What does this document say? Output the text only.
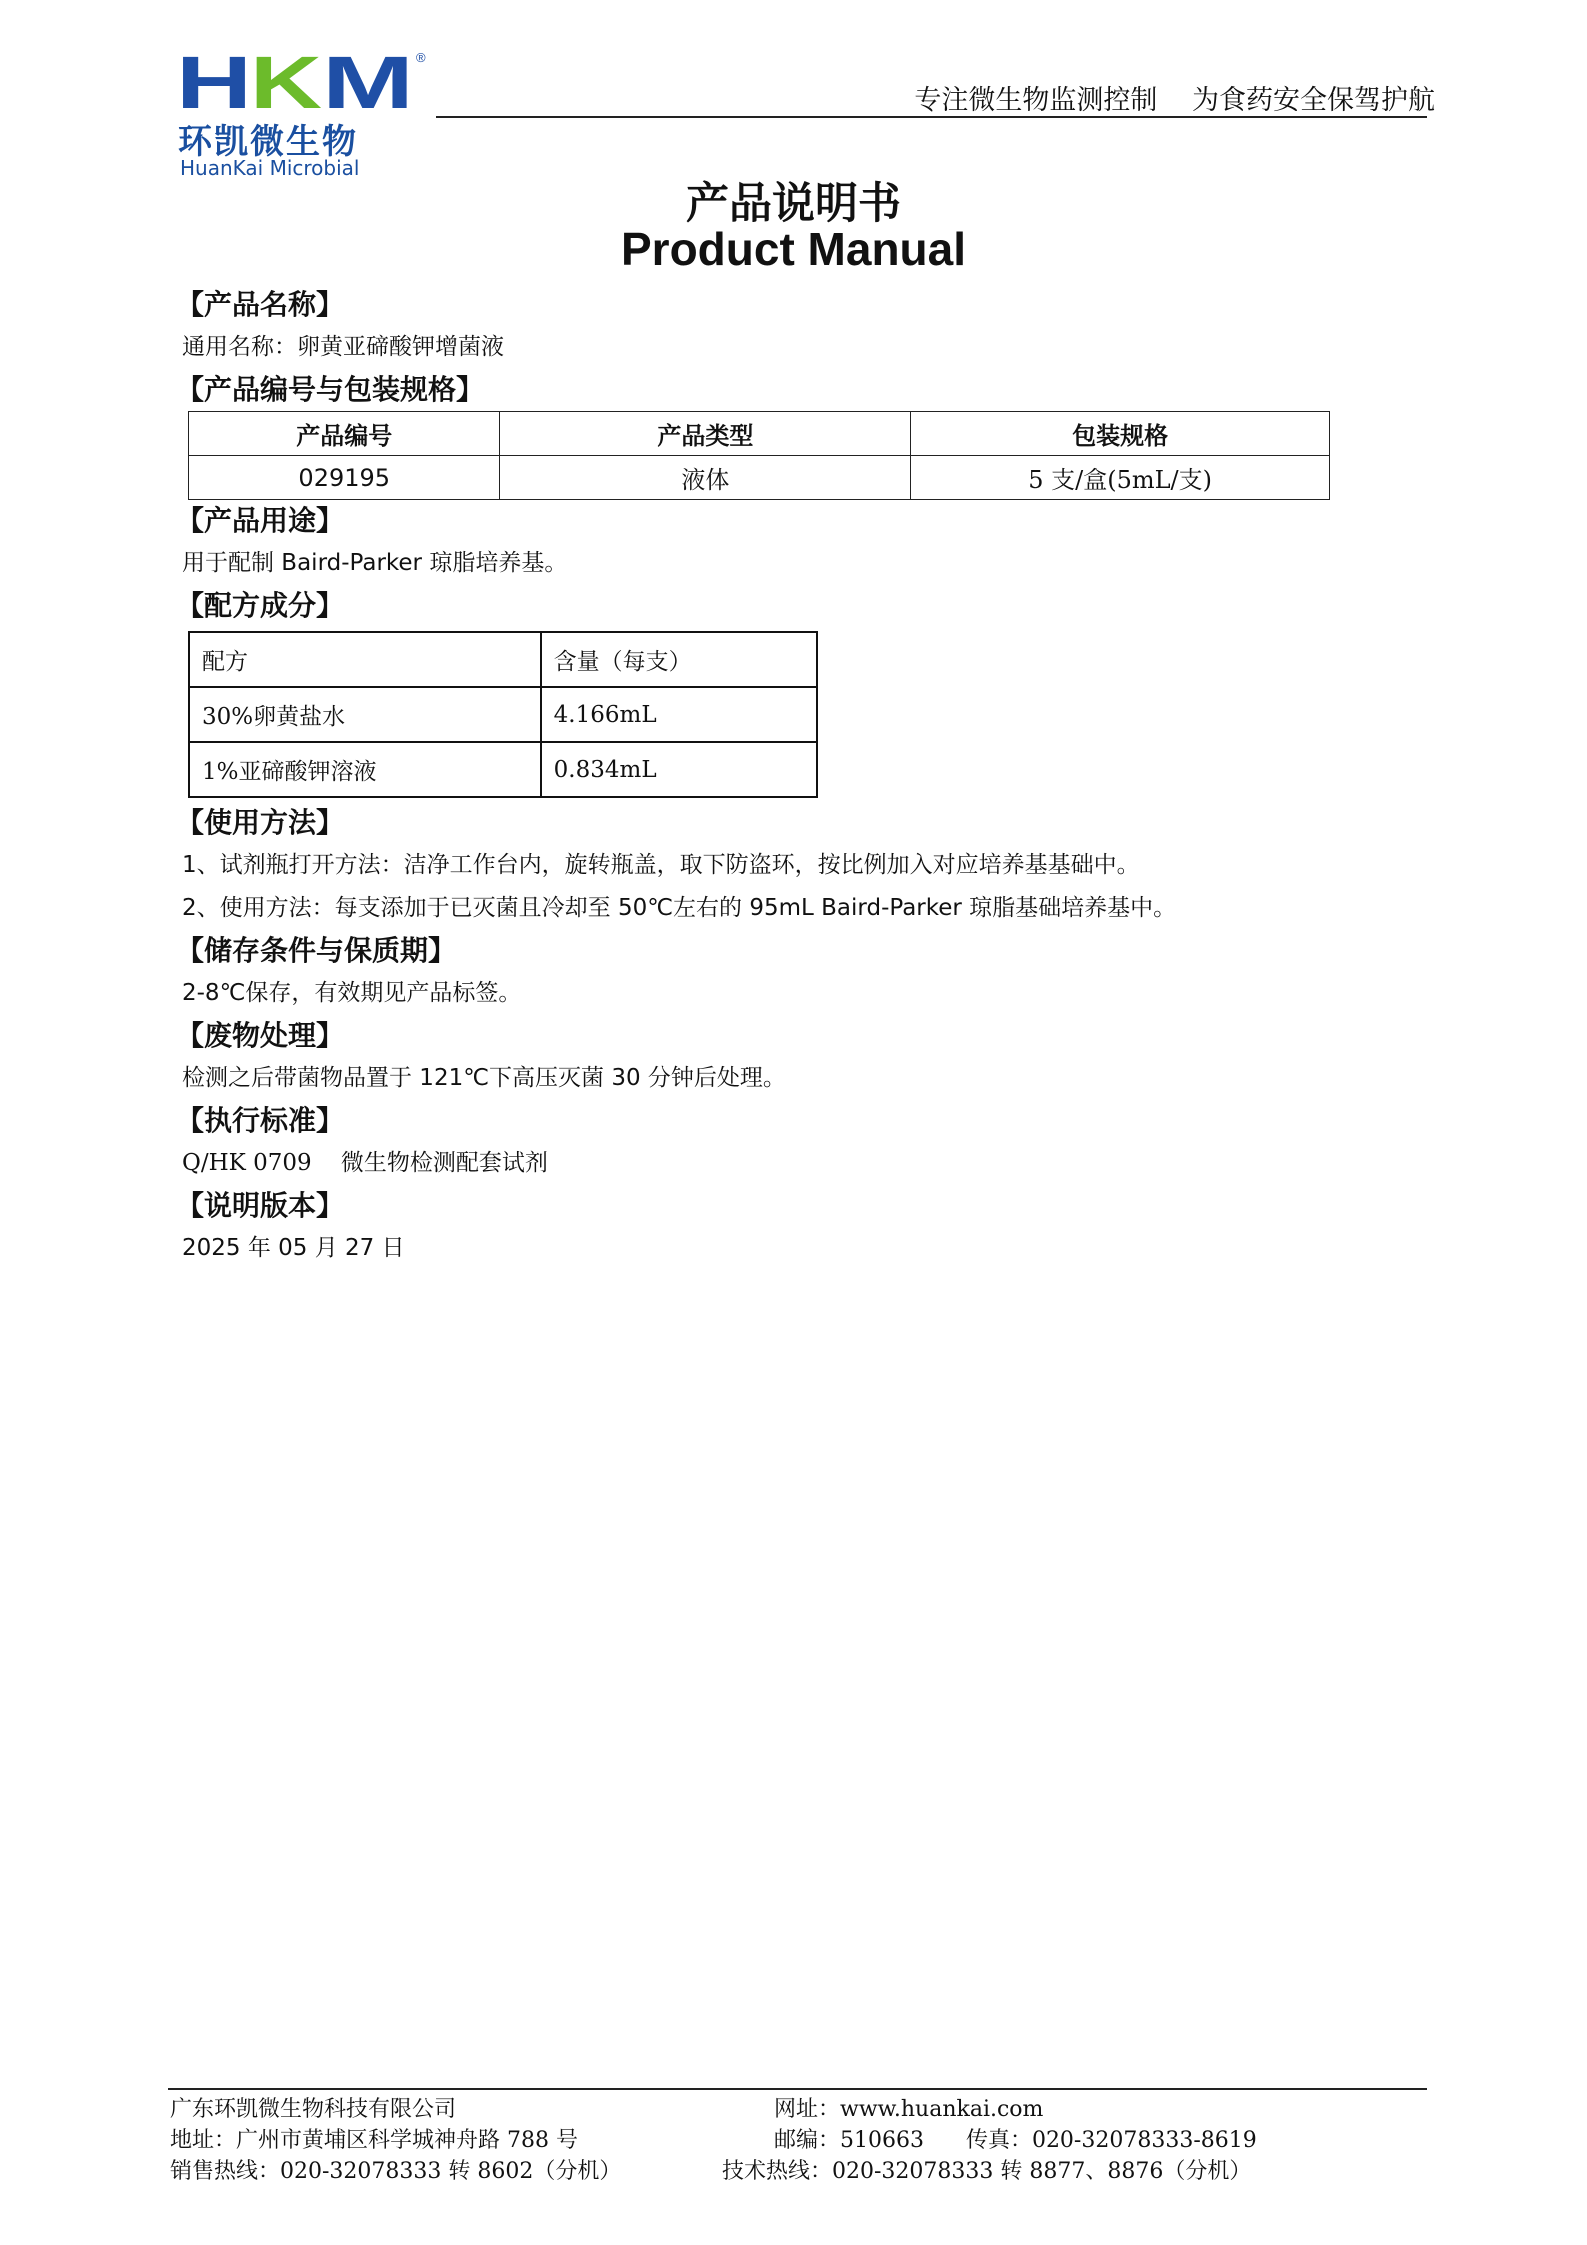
H
K M ®
环凯微生物
HuanKai Microbial
专注微生物监测控制 为食药安全保驾护航
产品说明书
Product Manual
【产品名称】
通用名称：卵黄亚碲酸钾增菌液
【产品编号与包装规格】
产品编号	产品类型	包装规格
029195	液体	5 支/盒(5mL/支)
【产品用途】
用于配制 Baird-Parker 琼脂培养基。
【配方成分】
配方	含量（每支）
30%卵黄盐水	4.166mL
1%亚碲酸钾溶液	0.834mL
【使用方法】
1、试剂瓶打开方法：洁净工作台内，旋转瓶盖，取下防盗环，按比例加入对应培养基基础中。
2、使用方法：每支添加于已灭菌且冷却至 50℃左右的 95mL Baird-Parker 琼脂基础培养基中。
【储存条件与保质期】
2-8℃保存，有效期见产品标签。
【废物处理】
检测之后带菌物品置于 121℃下高压灭菌 30 分钟后处理。
【执行标准】
Q/HK 0709    微生物检测配套试剂
【说明版本】
2025 年 05 月 27 日
广东环凯微生物科技有限公司
地址：广州市黄埔区科学城神舟路 788 号
销售热线：020-32078333 转 8602（分机）
网址：www.huankai.com
邮编：510663      传真：020-32078333-8619
技术热线：020-32078333 转 8877、8876（分机）
